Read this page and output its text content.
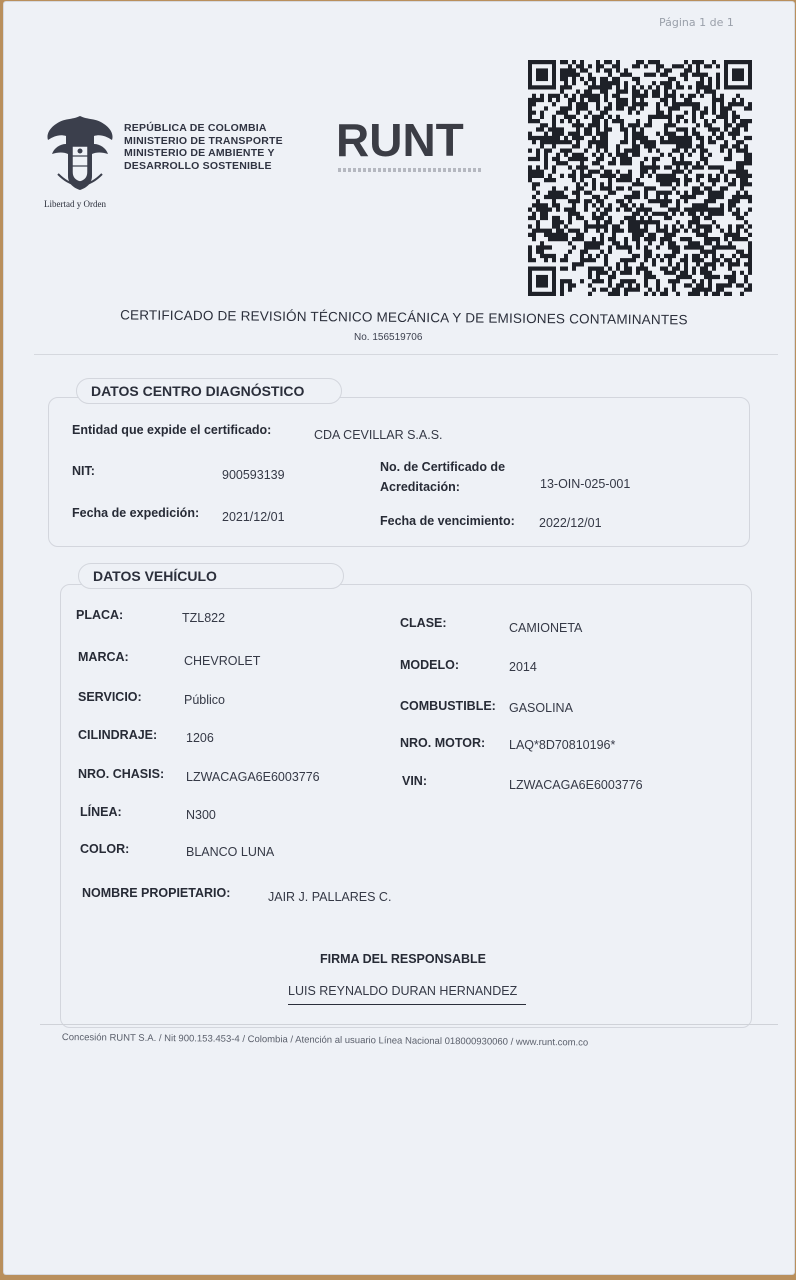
Página 1 de 1
Libertad y Orden
REPÚBLICA DE COLOMBIA
MINISTERIO DE TRANSPORTE
MINISTERIO DE AMBIENTE Y
DESARROLLO SOSTENIBLE	RUNT
CERTIFICADO DE REVISIÓN TÉCNICO MECÁNICA Y DE EMISIONES CONTAMINANTES
No. 156519706
DATOS CENTRO DIAGNÓSTICO
Entidad que expide el certificado:	CDA CEVILLAR S.A.S.
NIT:	900593139
No. de Certificado de
Acreditación:	13-OIN-025-001
Fecha de expedición: 2021/12/01	Fecha de vencimiento: 2022/12/01
DATOS VEHÍCULO
PLACA:	TZL822	CLASE:	CAMIONETA
MARCA:	CHEVROLET	MODELO:	2014
SERVICIO:	Público	COMBUSTIBLE: GASOLINA
CILINDRAJE: 1206	NRO. MOTOR: LAQ*8D70810196*
NRO. CHASIS: LZWACAGA6E6003776	VIN:	LZWACAGA6E6003776
LÍNEA:	N300
COLOR:	BLANCO LUNA
NOMBRE PROPIETARIO:	JAIR J. PALLARES C.
FIRMA DEL RESPONSABLE
LUIS REYNALDO DURAN HERNANDEZ
Concesión RUNT S.A. / Nit 900.153.453-4 / Colombia / Atención al usuario Línea Nacional 018000930060 / www.runt.com.co
